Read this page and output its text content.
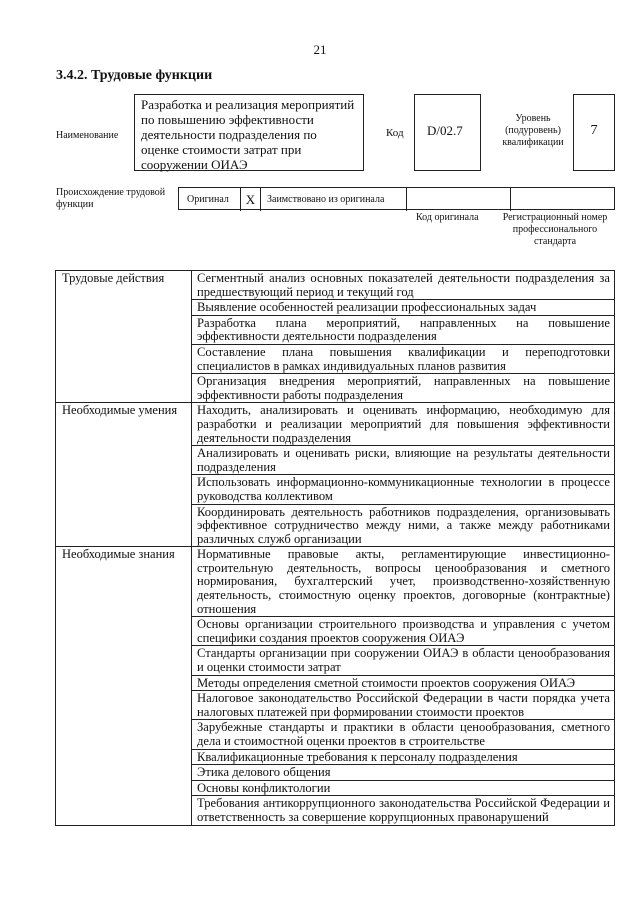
21
3.4.2. Трудовые функции
Наименование
Разработка и реализация мероприятий по повышению эффективности деятельности подразделения по оценке стоимости затрат при сооружении ОИАЭ
Код	D/02.7
Уровень (подуровень) квалификации
7
Происхождение трудовой функции	Оригинал	X	Заимствовано из оригинала
Код оригинала Регистрационный номер профессионального стандарта
Трудовые действия	Сегментный анализ основных показателей деятельности подразделения за предшествующий период и текущий год
	Выявление особенностей реализации профессиональных задач
	Разработка плана мероприятий, направленных на повышение эффективности деятельности подразделения
	Составление плана повышения квалификации и переподготовки специалистов в рамках индивидуальных планов развития
	Организация внедрения мероприятий, направленных на повышение эффективности работы подразделения
Необходимые умения	Находить, анализировать и оценивать информацию, необходимую для разработки и реализации мероприятий для повышения эффективности деятельности подразделения
	Анализировать и оценивать риски, влияющие на результаты деятельности подразделения
	Использовать информационно-коммуникационные технологии в процессе руководства коллективом
	Координировать деятельность работников подразделения, организовывать эффективное сотрудничество между ними, а также между работниками различных служб организации
Необходимые знания	Нормативные правовые акты, регламентирующие инвестиционно-строительную деятельность, вопросы ценообразования и сметного нормирования, бухгалтерский учет, производственно-хозяйственную деятельность, стоимостную оценку проектов, договорные (контрактные) отношения
	Основы организации строительного производства и управления с учетом специфики создания проектов сооружения ОИАЭ
	Стандарты организации при сооружении ОИАЭ в области ценообразования и оценки стоимости затрат
	Методы определения сметной стоимости проектов сооружения ОИАЭ
	Налоговое законодательство Российской Федерации в части порядка учета налоговых платежей при формировании стоимости проектов
	Зарубежные стандарты и практики в области ценообразования, сметного дела и стоимостной оценки проектов в строительстве
	Квалификационные требования к персоналу подразделения
	Этика делового общения
	Основы конфликтологии
	Требования антикоррупционного законодательства Российской Федерации и ответственность за совершение коррупционных правонарушений
